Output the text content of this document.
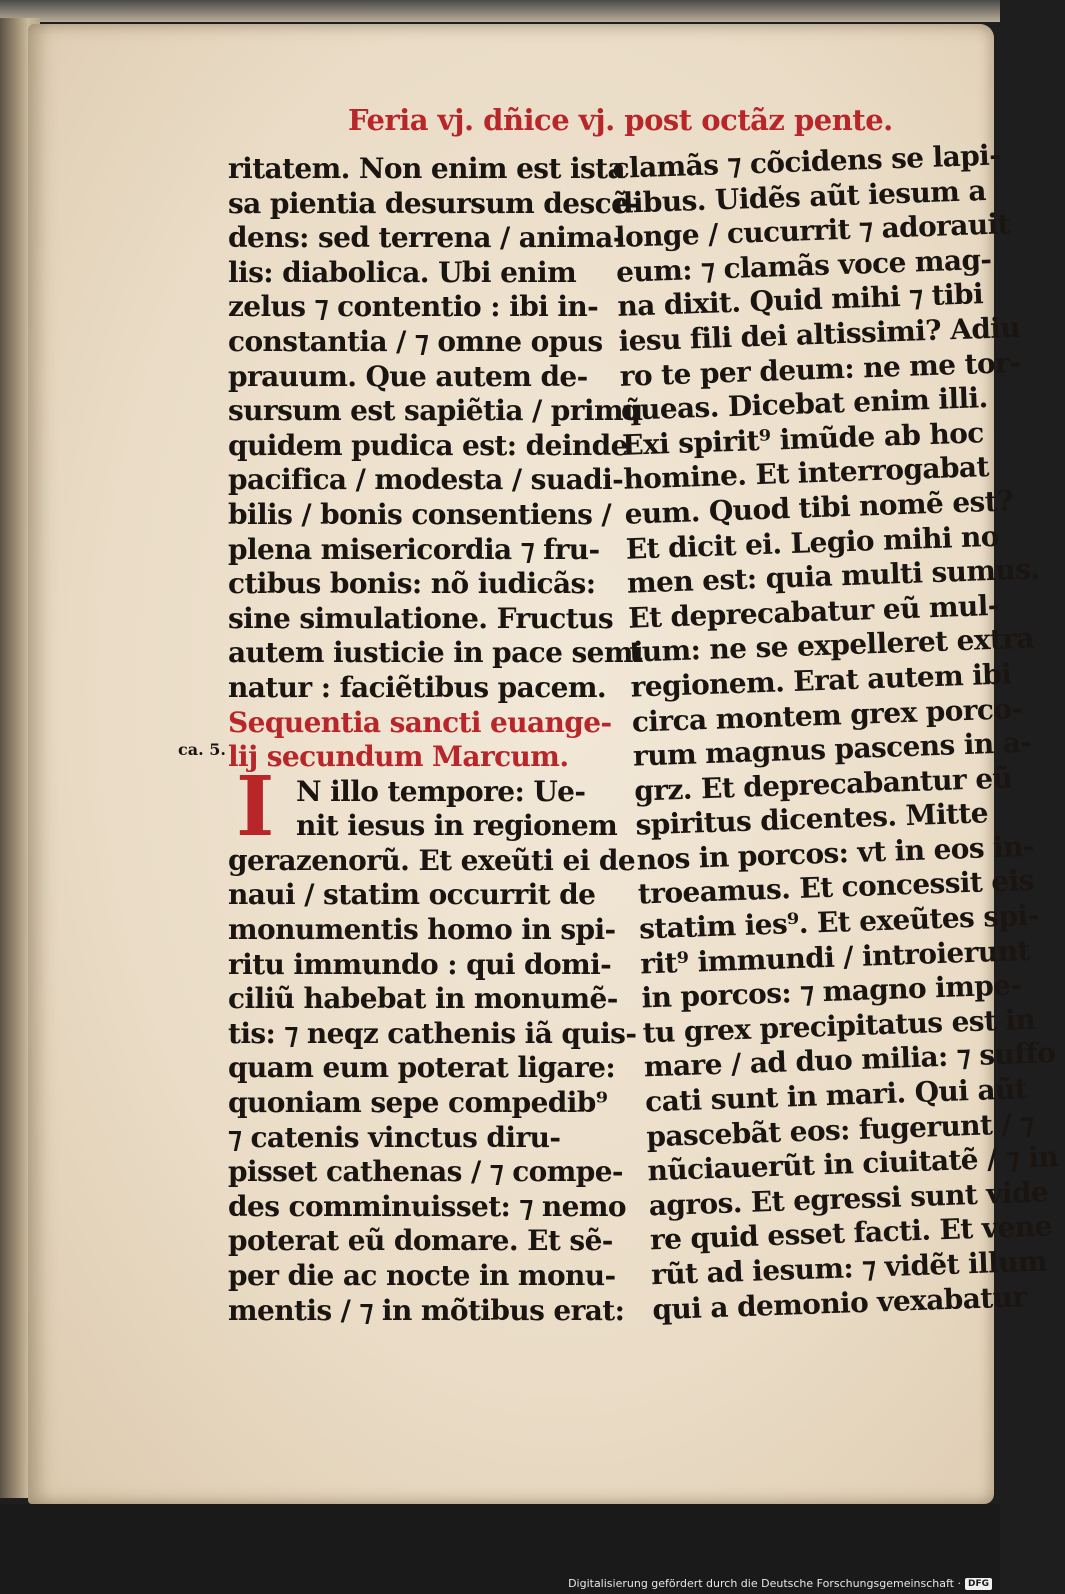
Feria vj. dñice vj. post octãz pente.
ca. 5.
ritatem. Non enim est ista
sa pientia desursum descẽ-
dens: sed terrena / anima-
lis: diabolica. Ubi enim
zelus ⁊ contentio : ibi in-
constantia / ⁊ omne opus
prauum. Que autem de-
sursum est sapiẽtia / primũ
quidem pudica est: deinde
pacifica / modesta / suadi-
bilis / bonis consentiens /
plena misericordia ⁊ fru-
ctibus bonis: nõ iudicãs:
sine simulatione. Fructus
autem iusticie in pace semi
natur : faciẽtibus pacem.
Sequentia sancti euange-
lij secundum Marcum.
N illo tempore: Ue-
nit iesus in regionem
gerazenorũ. Et exeũti ei de
naui / statim occurrit de
monumentis homo in spi-
ritu immundo : qui domi-
ciliũ habebat in monumẽ-
tis: ⁊ neqz cathenis iã quis-
quam eum poterat ligare:
quoniam sepe compedib⁹
⁊ catenis vinctus diru-
pisset cathenas / ⁊ compe-
des comminuisset: ⁊ nemo
poterat eũ domare. Et sẽ-
per die ac nocte in monu-
mentis / ⁊ in mõtibus erat:
I
clamãs ⁊ cõcidens se lapi-
dibus. Uidẽs aũt iesum a
longe / cucurrit ⁊ adorauit
eum: ⁊ clamãs voce mag-
na dixit. Quid mihi ⁊ tibi
iesu fili dei altissimi? Adiu
ro te per deum: ne me tor-
queas. Dicebat enim illi.
Exi spirit⁹ imũde ab hoc
homine. Et interrogabat
eum. Quod tibi nomẽ est?
Et dicit ei. Legio mihi no
men est: quia multi sumus.
Et deprecabatur eũ mul-
tum: ne se expelleret extra
regionem. Erat autem ibi
circa montem grex porco-
rum magnus pascens in a-
grz. Et deprecabantur eũ
spiritus dicentes. Mitte
nos in porcos: vt in eos in-
troeamus. Et concessit eis
statim ies⁹. Et exeũtes spi-
rit⁹ immundi / introierunt
in porcos: ⁊ magno impe-
tu grex precipitatus est in
mare / ad duo milia: ⁊ suffo
cati sunt in mari. Qui aũt
pascebãt eos: fugerunt / ⁊
nũciauerũt in ciuitatẽ / ⁊ in
agros. Et egressi sunt vide
re quid esset facti. Et vene
rũt ad iesum: ⁊ vidẽt illum
qui a demonio vexabatur
Digitalisierung gefördert durch die Deutsche Forschungsgemeinschaft · DFG
